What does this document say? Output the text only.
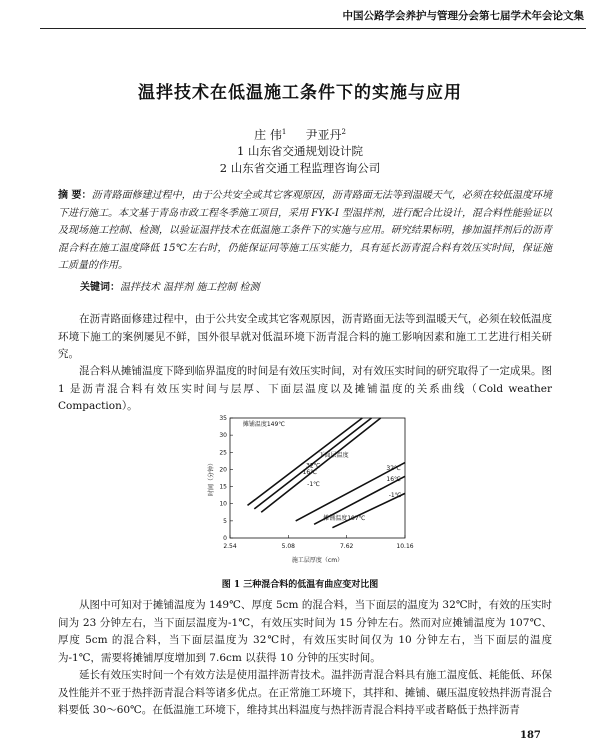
中国公路学会养护与管理分会第七届学术年会论文集
温拌技术在低温施工条件下的实施与应用
庄 伟$^1$ 尹亚丹$^2$
1 山东省交通规划设计院
2 山东省交通工程监理咨询公司
摘 要：沥青路面修建过程中，由于公共安全或其它客观原因，沥青路面无法等到温暖天气，必须在较低温度环境下进行施工。本文基于青岛市政工程冬季施工项目，采用 FYK-I 型温拌剂，进行配合比设计，混合料性能验证以及现场施工控制、检测，以验证温拌技术在低温施工条件下的实施与应用。研究结果标明，掺加温拌剂后的沥青混合料在施工温度降低 15℃左右时，仍能保证同等施工压实能力，具有延长沥青混合料有效压实时间，保证施工质量的作用。
关键词：温拌技术 温拌剂 施工控制 检测
在沥青路面修建过程中，由于公共安全或其它客观原因，沥青路面无法等到温暖天气，必须在较低温度环境下施工的案例屡见不鲜，国外很早就对低温环境下沥青混合料的施工影响因素和施工工艺进行相关研究。
混合料从摊铺温度下降到临界温度的时间是有效压实时间，对有效压实时间的研究取得了一定成果。图 1 是沥青混合料有效压实时间与层厚、下面层温度以及摊铺温度的关系曲线（Cold weather Compaction）。
0
5
10
15
20
25
30
35
2.54	5.08	7.62	10.16
施工层厚度（cm）
时间（分钟）	32℃
16℃
-1℃
32℃
16℃
-1℃
摊铺温度149℃
下面层温度
摊铺温度107℃
图 1 三种混合料的低温有曲应变对比图
从图中可知对于摊铺温度为 149℃、厚度 5cm 的混合料，当下面层的温度为 32℃时，有效的压实时间为 23 分钟左右，当下面层温度为-1℃，有效压实时间为 15 分钟左右。然而对应摊铺温度为 107℃、厚度 5cm 的混合料，当下面层温度为 32℃时，有效压实时间仅为 10 分钟左右，当下面层的温度为-1℃，需要将摊铺厚度增加到 7.6cm 以获得 10 分钟的压实时间。
延长有效压实时间一个有效方法是使用温拌沥青技术。温拌沥青混合料具有施工温度低、耗能低、环保及性能并不亚于热拌沥青混合料等诸多优点。在正常施工环境下，其拌和、摊铺、碾压温度较热拌沥青混合料要低 30～60℃。在低温施工环境下，维持其出料温度与热拌沥青混合料持平或者略低于热拌沥青
187
